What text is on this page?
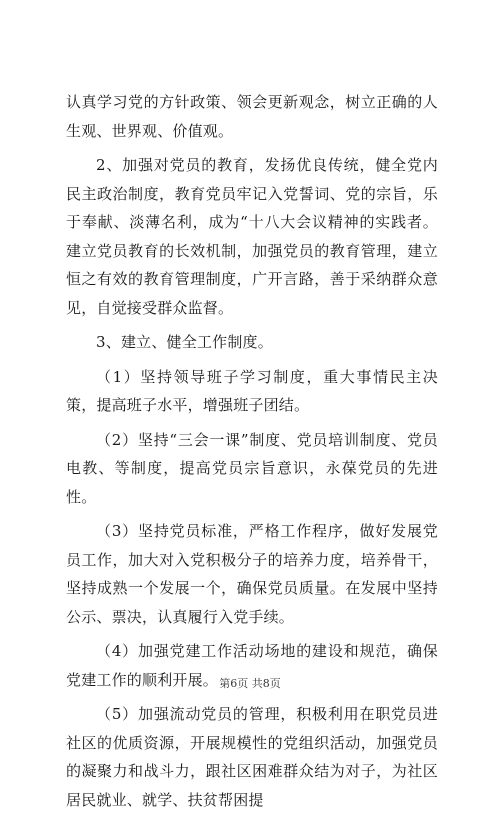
认真学习党的方针政策、领会更新观念，树立正确的人生观、世界观、价值观。

2、加强对党员的教育，发扬优良传统，健全党内民主政治制度，教育党员牢记入党誓词、党的宗旨，乐于奉献、淡薄名利，成为“十八大会议精神的实践者。建立党员教育的长效机制，加强党员的教育管理，建立恒之有效的教育管理制度，广开言路，善于采纳群众意见，自觉接受群众监督。

3、建立、健全工作制度。

（1）坚持领导班子学习制度，重大事情民主决策，提高班子水平，增强班子团结。

（2）坚持“三会一课”制度、党员培训制度、党员电教、等制度，提高党员宗旨意识，永葆党员的先进性。

（3）坚持党员标准，严格工作程序，做好发展党员工作，加大对入党积极分子的培养力度，培养骨干，坚持成熟一个发展一个，确保党员质量。在发展中坚持公示、票决，认真履行入党手续。

（4）加强党建工作活动场地的建设和规范，确保党建工作的顺利开展。

（5）加强流动党员的管理，积极利用在职党员进社区的优质资源，开展规模性的党组织活动，加强党员的凝聚力和战斗力，跟社区困难群众结为对子，为社区居民就业、就学、扶贫帮困提

第6页 共8页
